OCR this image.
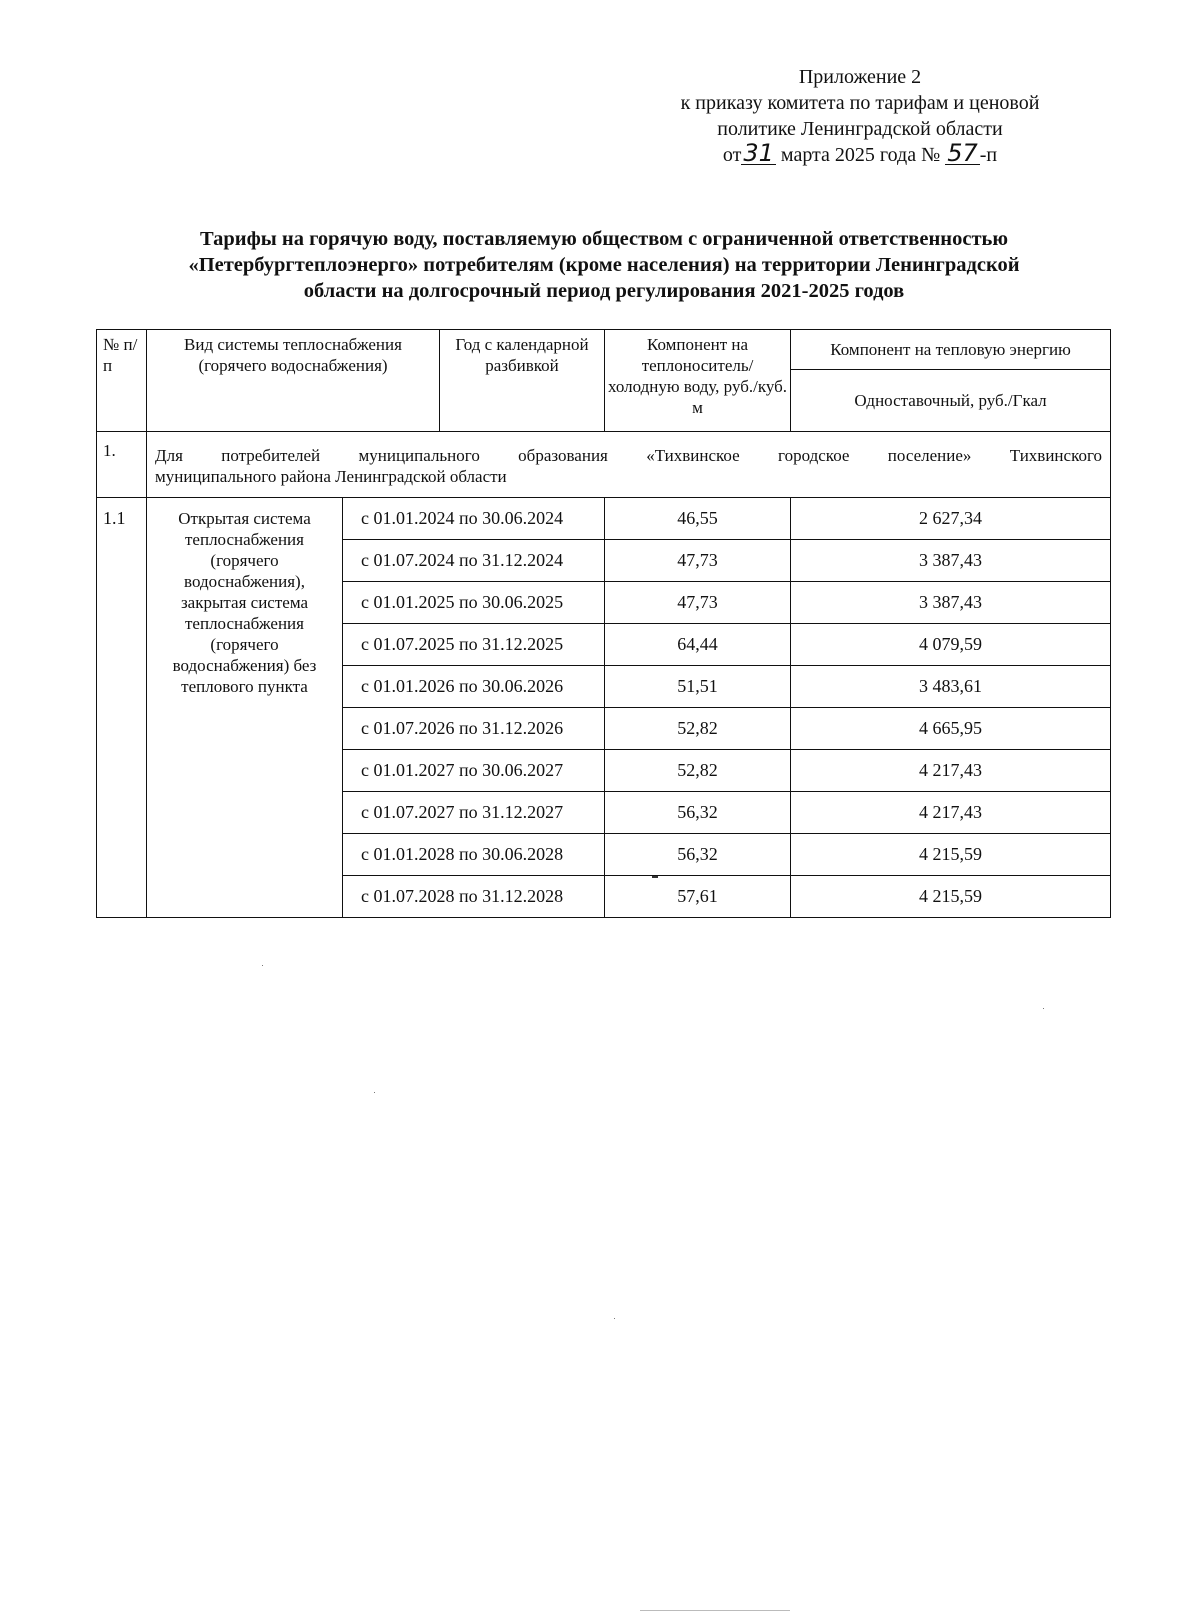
Приложение 2
к приказу комитета по тарифам и ценовой
политике Ленинградской области
от31 марта 2025 года № 57 -п
Тарифы на горячую воду, поставляемую обществом с ограниченной ответственностью
«Петербургтеплоэнерго» потребителям (кроме населения) на территории Ленинградской
области на долгосрочный период регулирования 2021-2025 годов
№ п/п	Вид системы теплоснабжения (горячего водоснабжения)		Год с календарной разбивкой	Компонент на теплоноситель/холодную воду, руб./куб. м	Компонент на тепловую энергию
					Одноставочный, руб./Гкал
1.	Для потребителей муниципального образования «Тихвинское городское поселение» Тихвинского
муниципального района Ленинградской области				

1.1	Открытая система теплоснабжения (горячего водоснабжения), закрытая система теплоснабжения (горячего водоснабжения) без теплового пункта	с 01.01.2024 по 30.06.2024		46,55	2 627,34
		с 01.07.2024 по 31.12.2024		47,73	3 387,43
		с 01.01.2025 по 30.06.2025		47,73	3 387,43
		с 01.07.2025 по 31.12.2025		64,44	4 079,59
		с 01.01.2026 по 30.06.2026		51,51	3 483,61
		с 01.07.2026 по 31.12.2026		52,82	4 665,95
		с 01.01.2027 по 30.06.2027		52,82	4 217,43
		с 01.07.2027 по 31.12.2027		56,32	4 217,43
		с 01.01.2028 по 30.06.2028		56,32	4 215,59
		с 01.07.2028 по 31.12.2028		57,61	4 215,59
